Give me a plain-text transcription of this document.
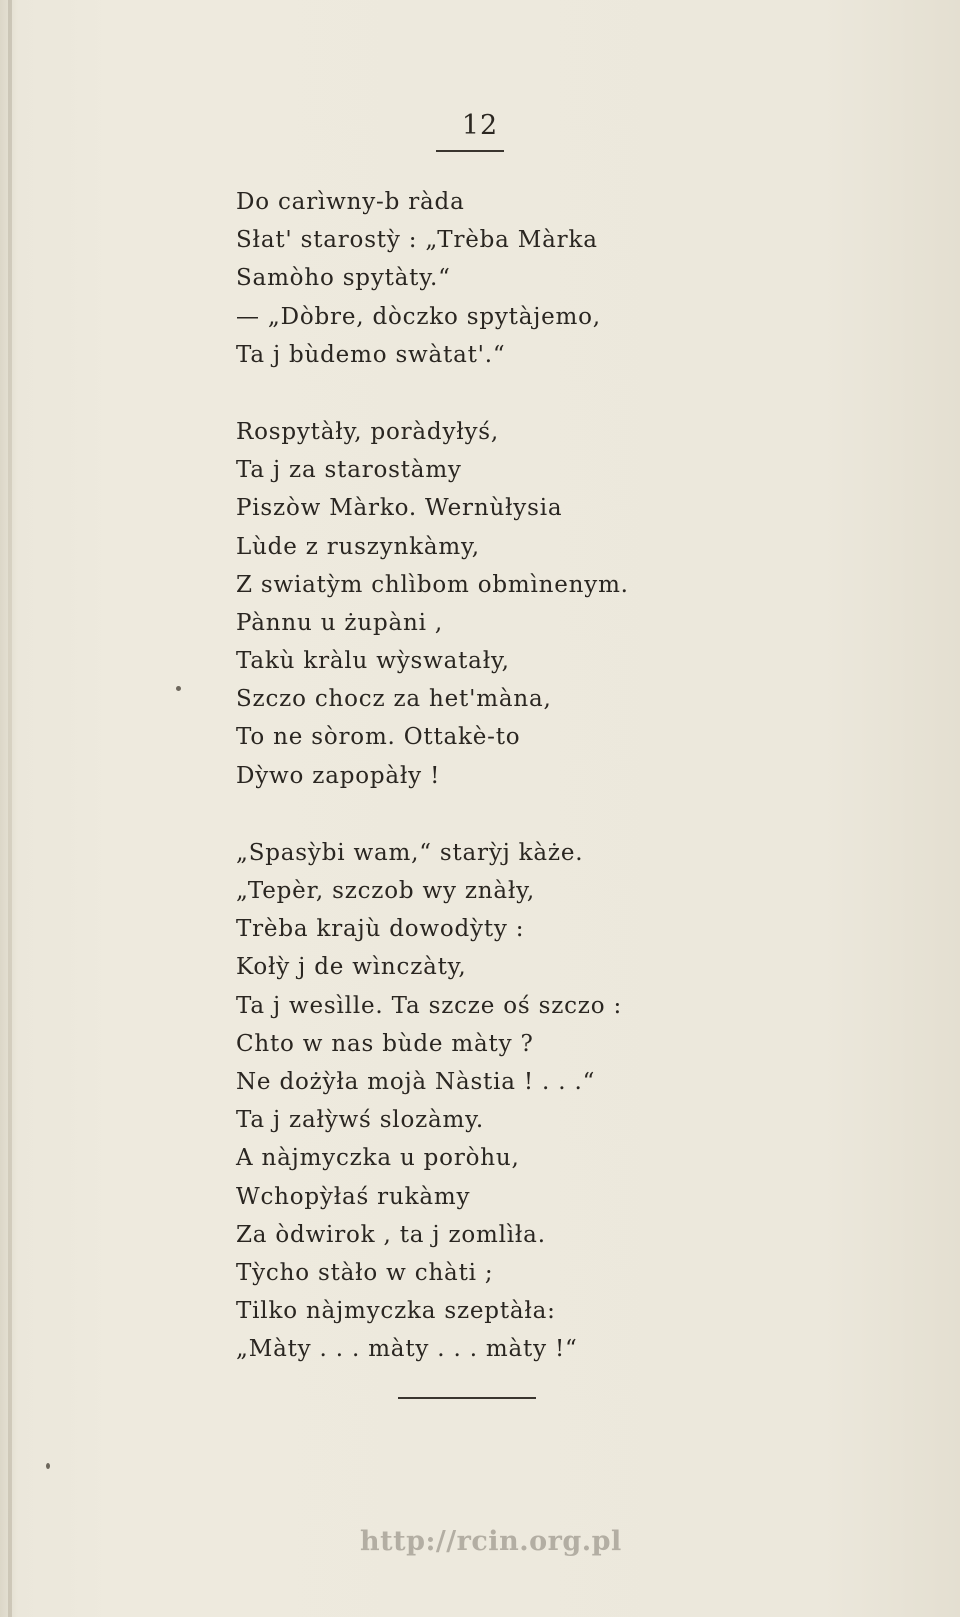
12
Do carìwny-b ràda
Słat' starostỳ : „Trèba Màrka
Samòho spytàty.“
— „Dòbre, dòczko spytàjemo,
Ta j bùdemo swàtat'.“
Rospytàły, poràdyłyś,
Ta j za starostàmy
Piszòw Màrko. Wernùłysia
Lùde z ruszynkàmy,
Z swiatỳm chlìbom obmìnenym.
Pànnu u żupàni ,
Takù kràlu wỳswatały,
Szczo chocz za het'màna,
To ne sòrom. Ottakè-to
Dỳwo zapopàły !
„Spasỳbi wam,“ starỳj kàże.
„Tepèr, szczob wy znàły,
Trèba krajù dowodỳty :
Kołỳ j de wìnczàty,
Ta j wesìlle. Ta szcze oś szczo :
Chto w nas bùde màty ?
Ne dożỳła mojà Nàstia ! . . .“
Ta j załỳwś slozàmy.
A nàjmyczka u poròhu,
Wchopỳłaś rukàmy
Za òdwirok , ta j zomlìła.
Tỳcho stàło w chàti ;
Tilko nàjmyczka szeptàła:
„Màty . . . màty . . . màty !“
http://rcin.org.pl
